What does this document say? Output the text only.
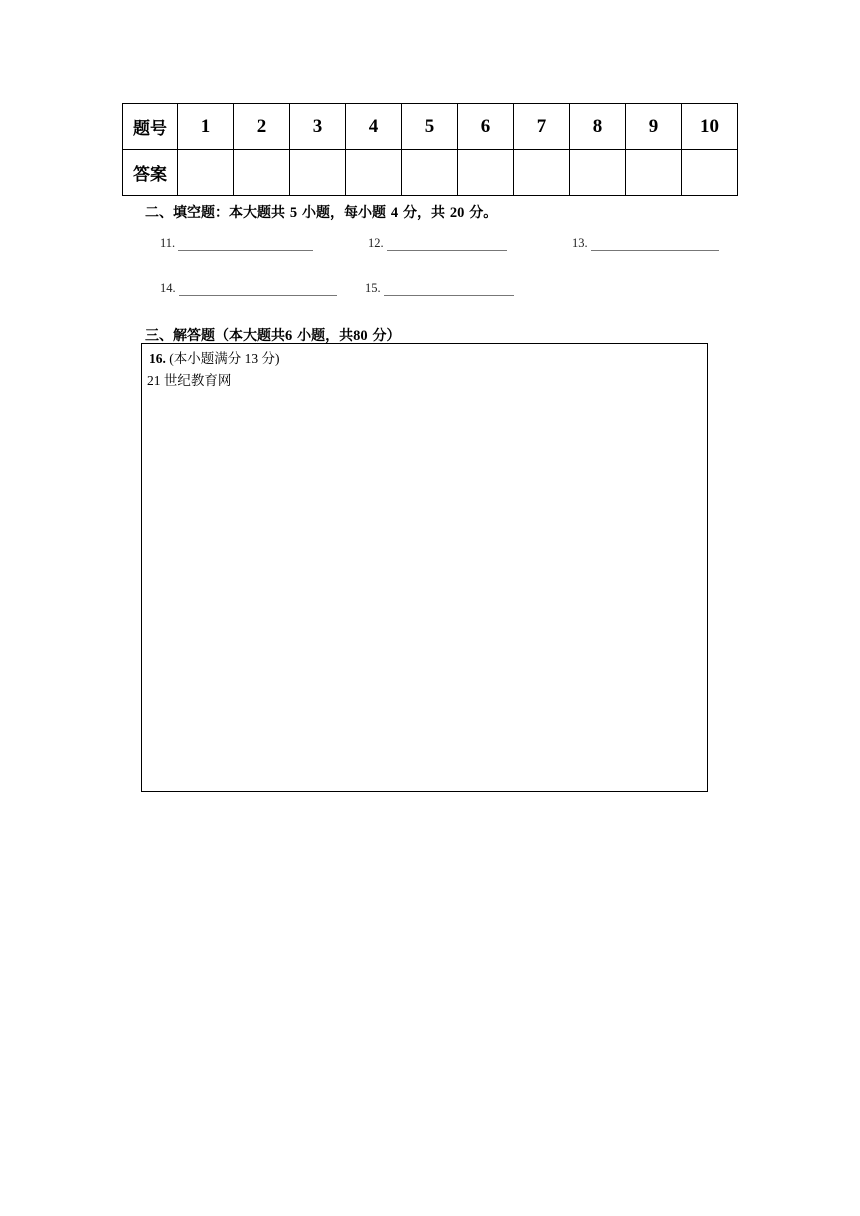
题号	1	2	3	4	5	6	7	8	9	10
答案										
二、填空题：本大题共 5 小题，每小题 4 分，共 20 分。
11.	12.	13.
14.	15.
三、解答题（本大题共6 小题，共80 分）
16. (本小题满分 13 分)
21 世纪教育网
